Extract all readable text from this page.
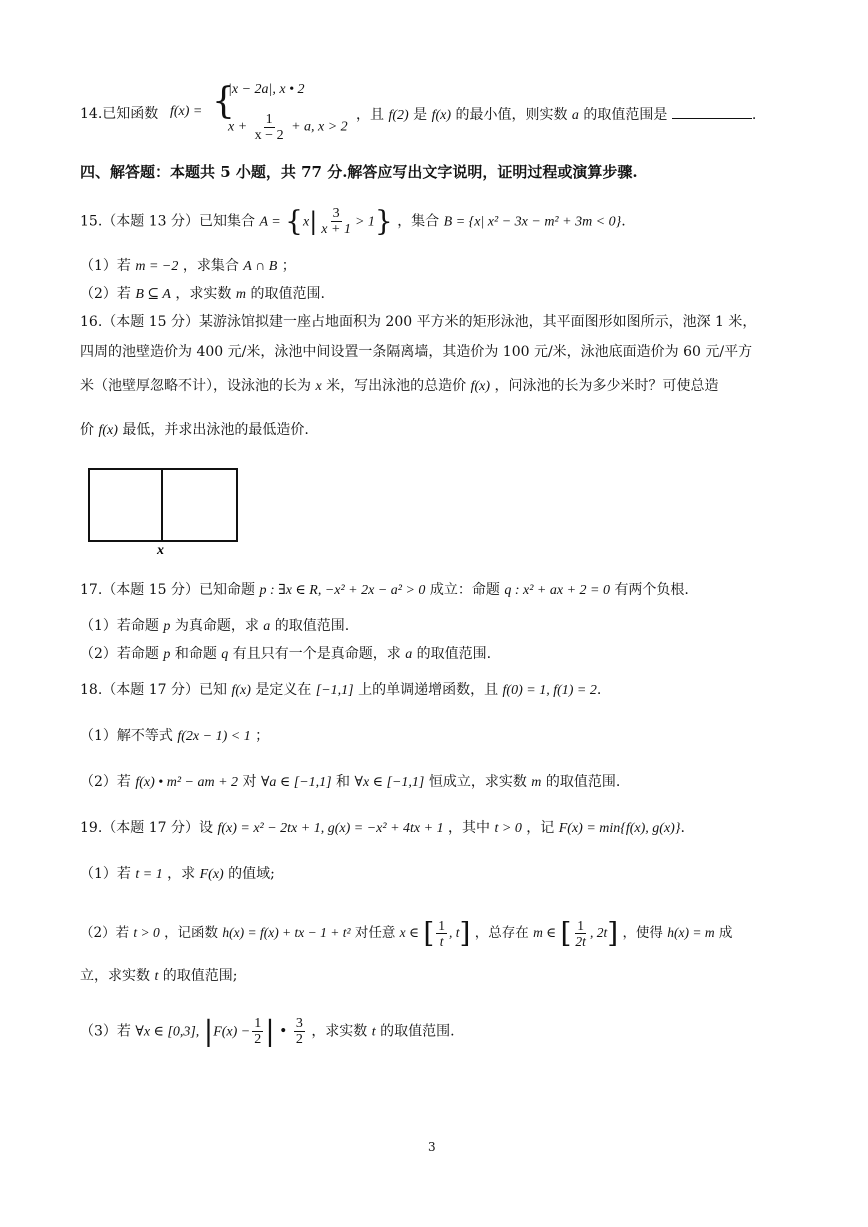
14.已知函数 f(x) = {
|x − 2a|, x • 2
$x + \frac{1}{x - 2} + a$, x > 2
，且 f(2) 是 f(x) 的最小值，则实数 a 的取值范围是	.
四、解答题：本题共 5 小题，共 77 分.解答应写出文字说明，证明过程或演算步骤.
15.（本题 13 分）已知集合 $A = \{x| \frac{3}{x + 1} > 1\}$ ，集合 B = {x| x² − 3x − m² + 3m < 0}.
（1）若 m = −2 ，求集合 A ∩ B ；
（2）若 B ⊆ A ，求实数 m 的取值范围.
16.（本题 15 分）某游泳馆拟建一座占地面积为 200 平方米的矩形泳池，其平面图形如图所示，池深 1 米，
四周的池壁造价为 400 元/米，泳池中间设置一条隔离墙，其造价为 100 元/米，泳池底面造价为 60 元/平方
米（池壁厚忽略不计），设泳池的长为 x 米，写出泳池的总造价 f(x) ，问泳池的长为多少米时？可使总造
价 f(x) 最低，并求出泳池的最低造价.
x
17.（本题 15 分）已知命题 p : ∃x ∈ R, −x² + 2x − a² > 0 成立：命题 q : x² + ax + 2 = 0 有两个负根.
（1）若命题 p 为真命题，求 a 的取值范围.
（2）若命题 p 和命题 q 有且只有一个是真命题，求 a 的取值范围.
18.（本题 17 分）已知 f(x) 是定义在 [−1,1] 上的单调递增函数，且 f(0) = 1, f(1) = 2.
（1）解不等式 f(2x − 1) < 1 ；
（2）若 f(x) • m² − am + 2 对 ∀a ∈ [−1,1] 和 ∀x ∈ [−1,1] 恒成立，求实数 m 的取值范围.
19.（本题 17 分）设 f(x) = x² − 2tx + 1, g(x) = −x² + 4tx + 1 ，其中 t > 0 ，记 F(x) = min{f(x), g(x)}.
（1）若 t = 1 ，求 F(x) 的值域;
（2）若 t > 0 ，记函数 h(x) = f(x) + tx − 1 + t² 对任意 x ∈ [ $\frac{1}{t}$ , t] ，总存在 m ∈ [ $\frac{1}{2t}$ , 2t] ，使得 h(x) = m 成
立，求实数 t 的取值范围;
（3）若 ∀x ∈ [0,3], $|F(x) - \frac{1}{2}$ | • $\frac{3}{2}$ ，求实数 t 的取值范围.
3
